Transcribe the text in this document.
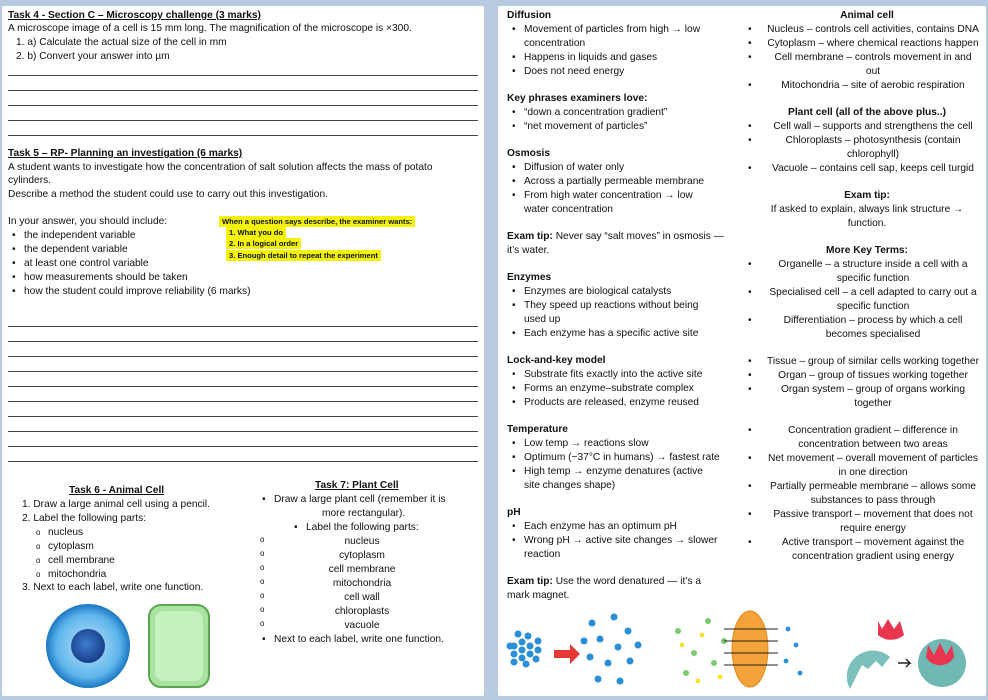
Task 4 - Section C – Microscopy challenge (3 marks)
A microscope image of a cell is 15 mm long. The magnification of the microscope is ×300.
1. a) Calculate the actual size of the cell in mm
2. b) Convert your answer into µm
Task 5 – RP- Planning an investigation (6 marks)
A student wants to investigate how the concentration of salt solution affects the mass of potato
cylinders.
Describe a method the student could use to carry out this investigation.
In your answer, you should include:
• the independent variable
• the dependent variable
• at least one control variable
• how measurements should be taken
• how the student could improve reliability (6 marks)
When a question says describe, the examiner wants:
1. What you do
2. In a logical order
3. Enough detail to repeat the experiment
Task 6 - Animal Cell
1. Draw a large animal cell using a pencil.
2. Label the following parts:
o nucleus
o cytoplasm
o cell membrane
o mitochondria
3. Next to each label, write one function.
Task 7: Plant Cell
• Draw a large plant cell (remember it is
more rectangular).
• Label the following parts:
nucleus
cytoplasm
cell membrane
mitochondria
cell wall
chloroplasts
vacuole
• Next to each label, write one function.
o
o
o
o
o
o
o
Diffusion
• Movement of particles from high → low
concentration
• Happens in liquids and gases
• Does not need energy
Key phrases examiners love:
• “down a concentration gradient”
• “net movement of particles”
Osmosis
• Diffusion of water only
• Across a partially permeable membrane
• From high water concentration → low
water concentration
Exam tip: Never say “salt moves” in osmosis —
it’s water.
Enzymes
• Enzymes are biological catalysts
• They speed up reactions without being
used up
• Each enzyme has a specific active site
Lock-and-key model
• Substrate fits exactly into the active site
• Forms an enzyme–substrate complex
• Products are released, enzyme reused
Temperature
• Low temp → reactions slow
• Optimum (~37°C in humans) → fastest rate
• High temp → enzyme denatures (active
site changes shape)
pH
• Each enzyme has an optimum pH
• Wrong pH → active site changes → slower
reaction
Exam tip: Use the word denatured — it’s a
mark magnet.
Animal cell
• Nucleus – controls cell activities, contains DNA
• Cytoplasm – where chemical reactions happen
• Cell membrane – controls movement in and
out
• Mitochondria – site of aerobic respiration
Plant cell (all of the above plus..)
• Cell wall – supports and strengthens the cell
• Chloroplasts – photosynthesis (contain
chlorophyll)
• Vacuole – contains cell sap, keeps cell turgid
Exam tip:
If asked to explain, always link structure →
function.
More Key Terms:
• Organelle – a structure inside a cell with a
specific function
• Specialised cell – a cell adapted to carry out a
specific function
• Differentiation – process by which a cell
becomes specialised
• Tissue – group of similar cells working together
• Organ – group of tissues working together
• Organ system – group of organs working
together
• Concentration gradient – difference in
concentration between two areas
• Net movement – overall movement of particles
in one direction
• Partially permeable membrane – allows some
substances to pass through
• Passive transport – movement that does not
require energy
• Active transport – movement against the
concentration gradient using energy
